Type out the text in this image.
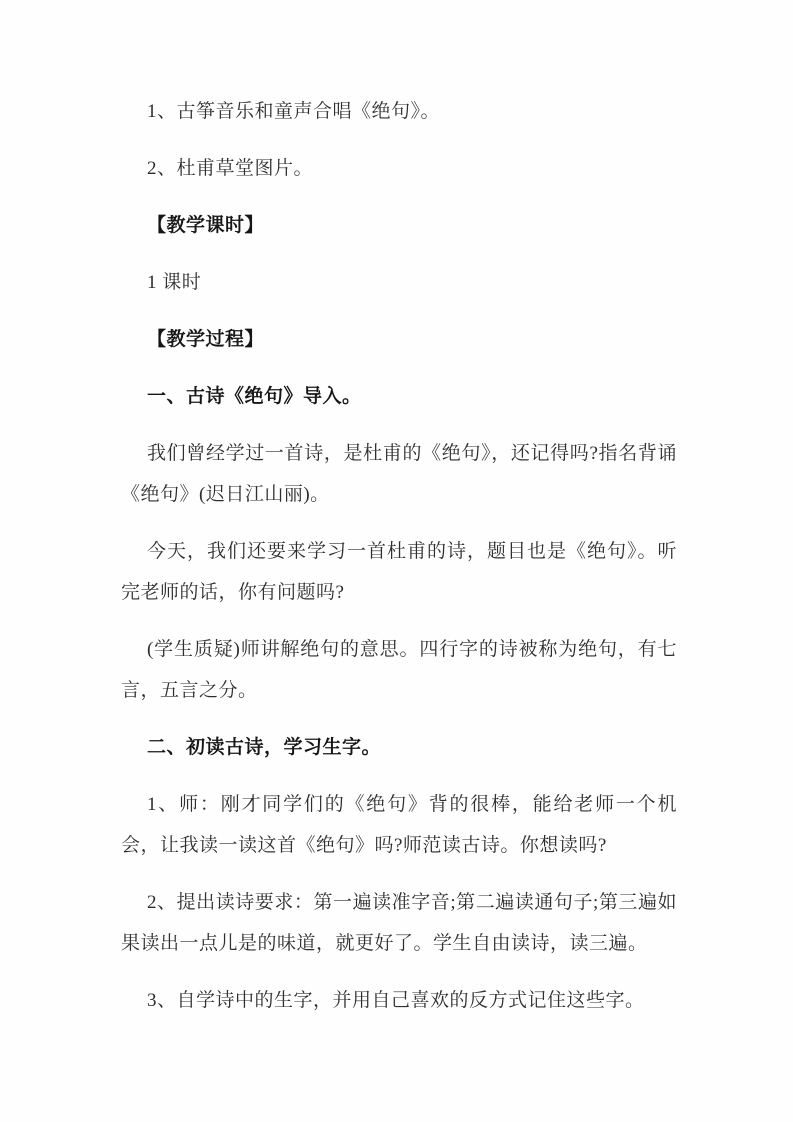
1、古筝音乐和童声合唱《绝句》。

2、杜甫草堂图片。

【教学课时】

1 课时

【教学过程】

一、古诗《绝句》导入。

我们曾经学过一首诗，是杜甫的《绝句》，还记得吗?指名背诵《绝句》(迟日江山丽)。

今天，我们还要来学习一首杜甫的诗，题目也是《绝句》。听完老师的话，你有问题吗?

(学生质疑)师讲解绝句的意思。四行字的诗被称为绝句，有七言，五言之分。

二、初读古诗，学习生字。

1、师：刚才同学们的《绝句》背的很棒，能给老师一个机会，让我读一读这首《绝句》吗?师范读古诗。你想读吗?

2、提出读诗要求：第一遍读准字音;第二遍读通句子;第三遍如果读出一点儿是的味道，就更好了。学生自由读诗，读三遍。

3、自学诗中的生字，并用自己喜欢的反方式记住这些字。
